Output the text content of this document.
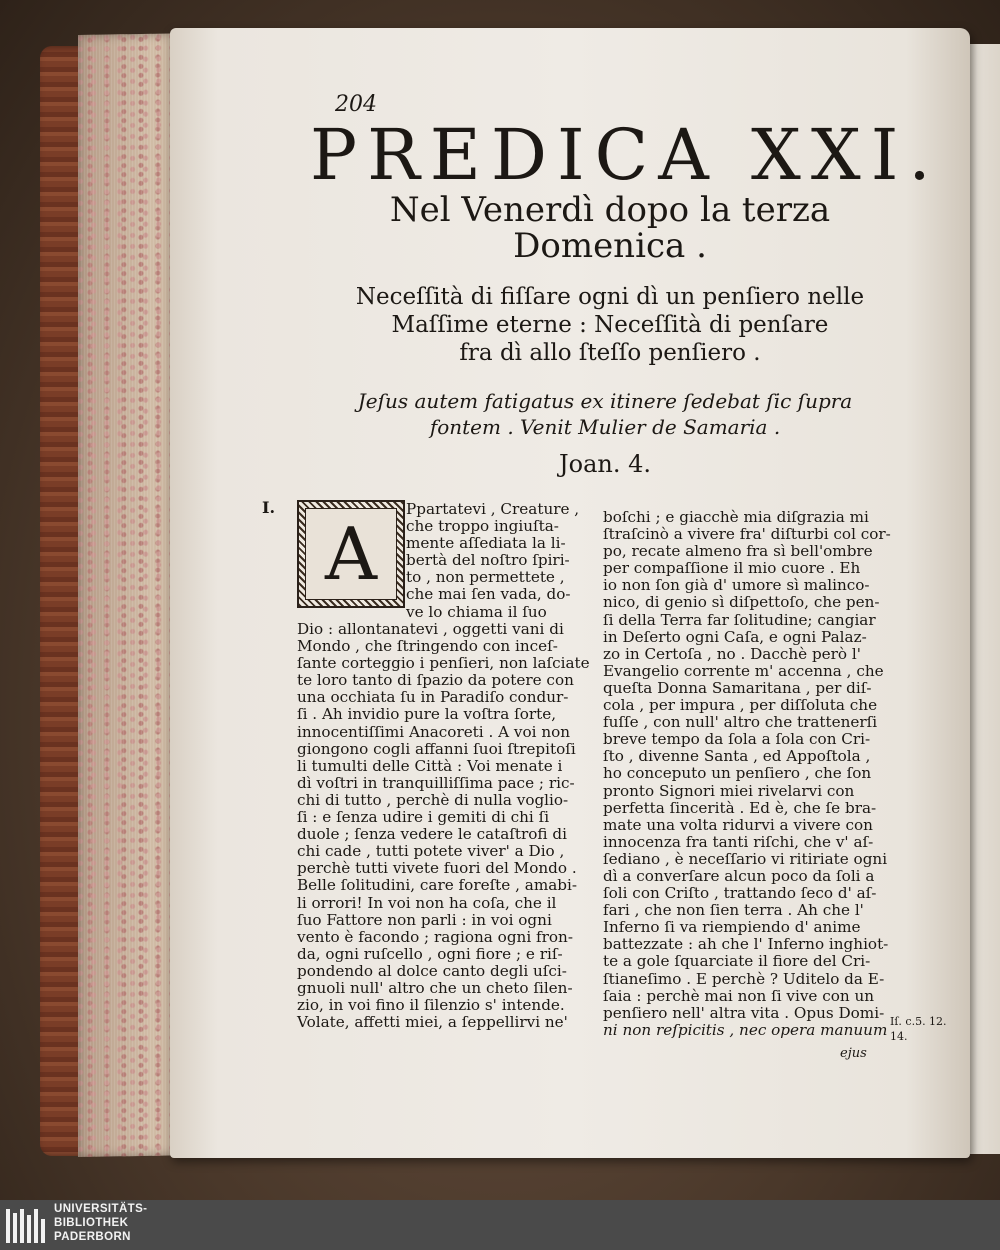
204
PREDICA XXI.
Nel Venerdì dopo la terza
Domenica .
Neceſſità di fiſſare ogni dì un penſiero nelle
Maſſime eterne : Neceſſità di penſare
fra dì allo ſteſſo penſiero .
Jeſus autem fatigatus ex itinere ſedebat ſic ſupra
fontem . Venit Mulier de Samaria .
Joan. 4.
I.
A
Ppartatevi , Creature ,
che troppo ingiuſta-
mente aſſediata la li-
bertà del noſtro ſpiri-
to , non permettete ,
che mai ſen vada, do-
ve lo chiama il ſuo
Dio : allontanatevi , oggetti vani di
Mondo , che ſtringendo con inceſ-
ſante corteggio i penſieri, non laſciate
te loro tanto di ſpazio da potere con
una occhiata ſu in Paradiſo condur-
ſi . Ah invidio pure la voſtra ſorte,
innocentiſſimi Anacoreti . A voi non
giongono cogli affanni ſuoi ſtrepitoſi
li tumulti delle Città : Voi menate i
dì voſtri in tranquilliſſima pace ; ric-
chi di tutto , perchè di nulla voglio-
ſi : e ſenza udire i gemiti di chi ſi
duole ; ſenza vedere le cataſtrofi di
chi cade , tutti potete viver' a Dio ,
perchè tutti vivete fuori del Mondo .
Belle ſolitudini, care foreſte , amabi-
li orrori! In voi non ha coſa, che il
ſuo Fattore non parli : in voi ogni
vento è facondo ; ragiona ogni fron-
da, ogni ruſcello , ogni fiore ; e riſ-
pondendo al dolce canto degli uſci-
gnuoli null' altro che un cheto ſilen-
zio, in voi fino il ſilenzio s' intende.
Volate, affetti miei, a ſeppellirvi ne'
boſchi ; e giacchè mia diſgrazia mi
ſtraſcinò a vivere fra' diſturbi col cor-
po, recate almeno fra sì bell'ombre
per compaſſione il mio cuore . Eh
io non ſon già d' umore sì malinco-
nico, di genio sì diſpettoſo, che pen-
ſi della Terra far ſolitudine; cangiar
in Deſerto ogni Caſa, e ogni Palaz-
zo in Certoſa , no . Dacchè però l'
Evangelio corrente m' accenna , che
queſta Donna Samaritana , per diſ-
cola , per impura , per diſſoluta che
fuſſe , con null' altro che trattenerſi
breve tempo da ſola a ſola con Cri-
ſto , divenne Santa , ed Appoſtola ,
ho conceputo un penſiero , che ſon
pronto Signori miei rivelarvi con
perfetta ſincerità . Ed è, che ſe bra-
mate una volta ridurvi a vivere con
innocenza fra tanti riſchi, che v' aſ-
ſediano , è neceſſario vi ritiriate ogni
dì a converſare alcun poco da ſoli a
ſoli con Criſto , trattando ſeco d' aſ-
fari , che non ſien terra . Ah che l'
Inferno ſi va riempiendo d' anime
battezzate : ah che l' Inferno inghiot-
te a gole ſquarciate il fiore del Cri-
ſtianeſimo . E perchè ? Uditelo da E-
ſaia : perchè mai non ſi vive con un
penſiero nell' altra vita . Opus Domi-
ni non reſpicitis , nec opera manuum Iſ. c.5. 12.
14.
ejus
UNIVERSITÄTS-
BIBLIOTHEK
PADERBORN
